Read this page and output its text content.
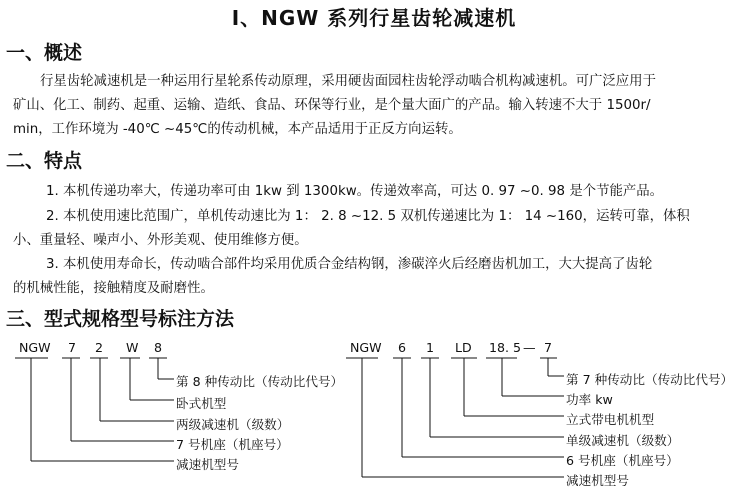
Ⅰ、NGW 系列行星齿轮减速机
一、概述
行星齿轮减速机是一种运用行星轮系传动原理，采用硬齿面园柱齿轮浮动啮合机构减速机。可广泛应用于
矿山、化工、制药、起重、运输、造纸、食品、环保等行业，是个量大面广的产品。输入转速不大于 1500r/
min，工作环境为 -40℃ ~45℃的传动机械，本产品适用于正反方向运转。
二、特点
1. 本机传递功率大，传递功率可由 1kw 到 1300kw。传递效率高，可达 0. 97 ~0. 98 是个节能产品。
2. 本机使用速比范围广，单机传动速比为 1： 2. 8 ~12. 5 双机传递速比为 1： 14 ~160，运转可靠，体积
小、重量轻、噪声小、外形美观、使用维修方便。
3. 本机使用寿命长，传动啮合部件均采用优质合金结构钢，渗碳淬火后经磨齿机加工，大大提高了齿轮
的机械性能，接触精度及耐磨性。
三、型式规格型号标注方法
NGW 7 2 W 8
第 8 种传动比（传动比代号）
卧式机型
两级减速机（级数）
7 号机座（机座号）
减速机型号
NGW 6 1 LD 18. 5 — 7
第 7 种传动比（传动比代号）
功率 kw
立式带电机机型
单级减速机（级数）
6 号机座（机座号）
减速机型号
